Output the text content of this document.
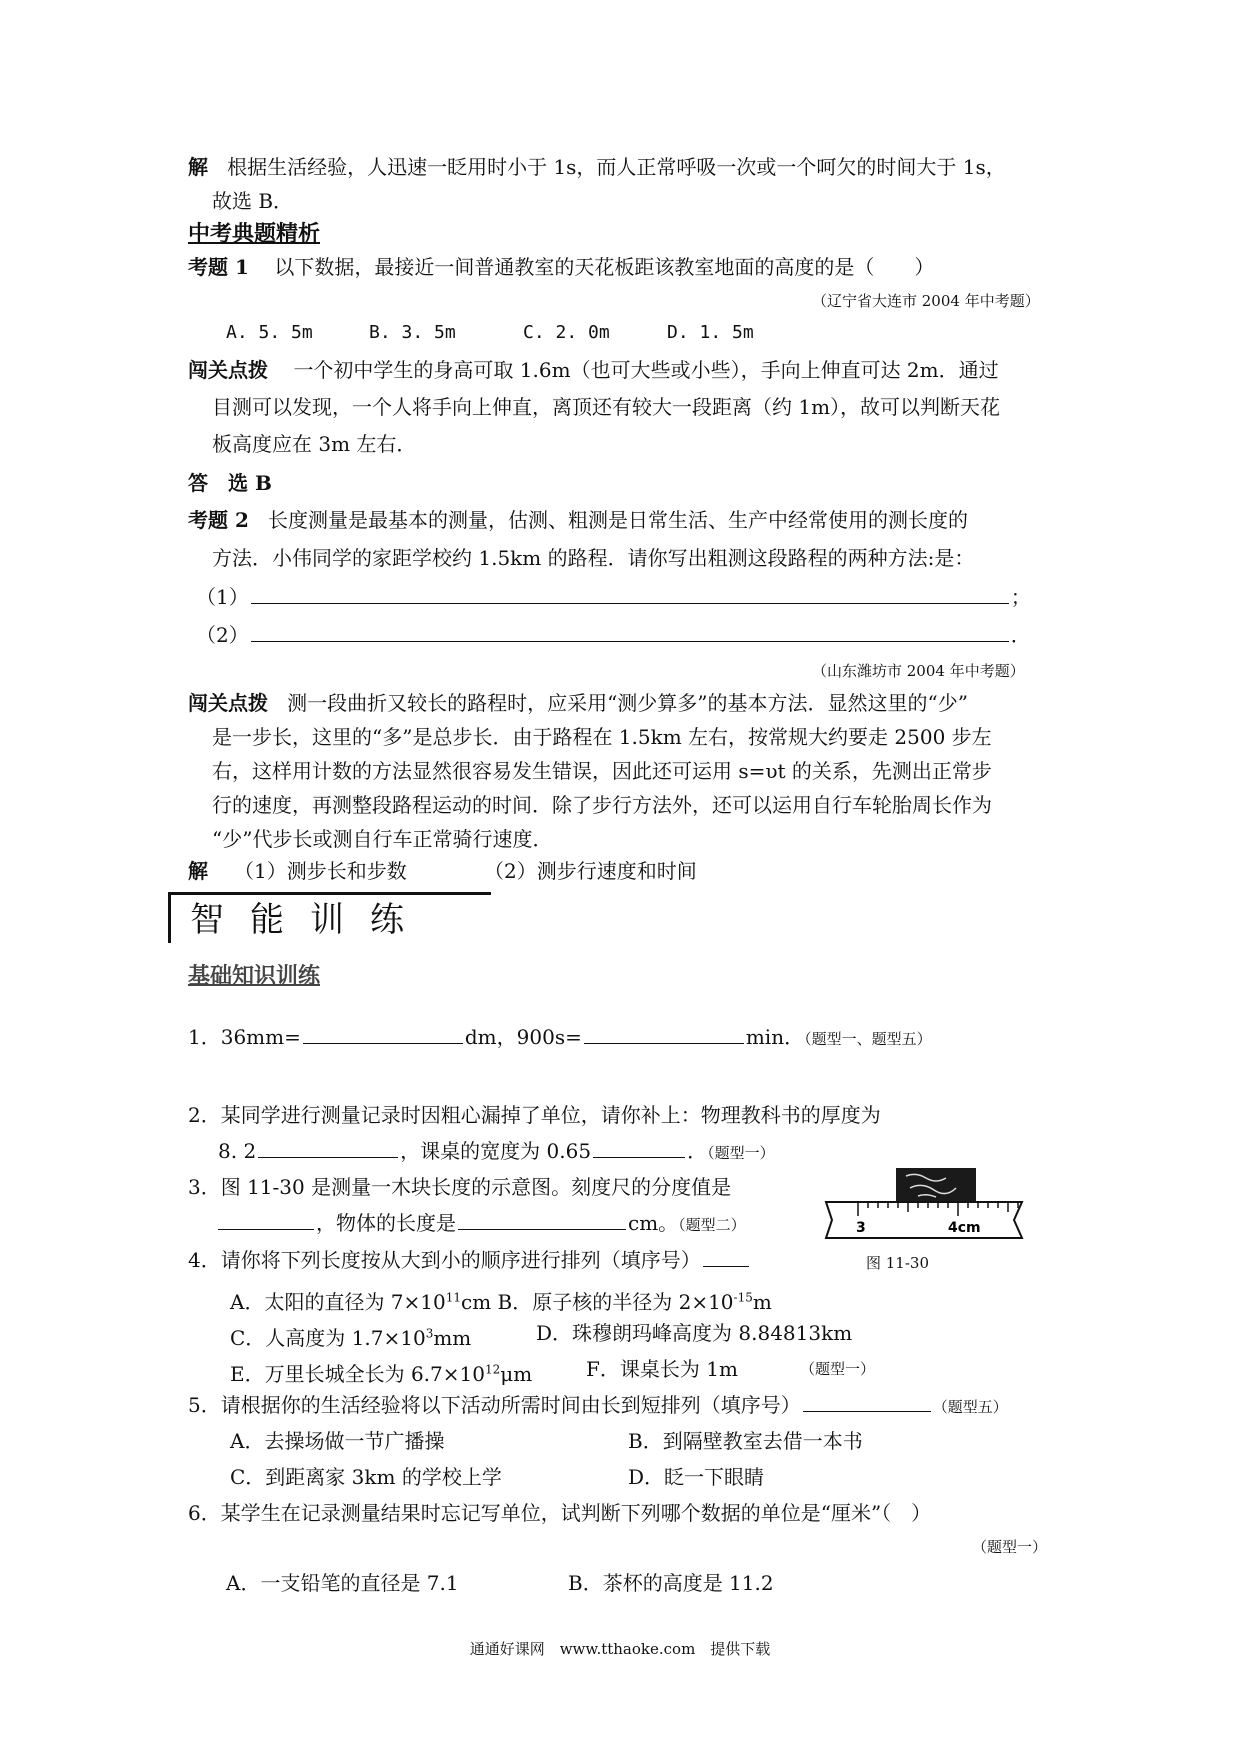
解 根据生活经验，人迅速一眨用时小于 1s，而人正常呼吸一次或一个呵欠的时间大于 1s，
故选 B．
中考典题精析
考题 1 以下数据，最接近一间普通教室的天花板距该教室地面的高度的是（　　）
（辽宁省大连市 2004 年中考题）
A. 5. 5m	B. 3. 5m	C. 2. 0m	D. 1. 5m
闯关点拨 一个初中学生的身高可取 1.6m（也可大些或小些），手向上伸直可达 2m．通过
目测可以发现，一个人将手向上伸直，离顶还有较大一段距离（约 1m），故可以判断天花
板高度应在 3m 左右．
答　选 B
考题 2 长度测量是最基本的测量，估测、粗测是日常生活、生产中经常使用的测长度的
方法．小伟同学的家距学校约 1.5km 的路程．请你写出粗测这段路程的两种方法:是：
（1）	；
（2）	．
（山东潍坊市 2004 年中考题）
闯关点拨 测一段曲折又较长的路程时，应采用“测少算多”的基本方法．显然这里的“少”
是一步长，这里的“多”是总步长．由于路程在 1.5km 左右，按常规大约要走 2500 步左
右，这样用计数的方法显然很容易发生错误，因此还可运用 s=υt 的关系，先测出正常步
行的速度，再测整段路程运动的时间．除了步行方法外，还可以运用自行车轮胎周长作为
“少”代步长或测自行车正常骑行速度．
解 （1）测步长和步数	（2）测步行速度和时间
智能训练
基础知识训练
1．36mm=	dm，900s=	min．（题型一、题型五）
2．某同学进行测量记录时因粗心漏掉了单位，请你补上：物理教科书的厚度为
8. 2	，课桌的宽度为 0.65	．（题型一）
3．图 11-30 是测量一木块长度的示意图。刻度尺的分度值是
，物体的长度是	cm。（题型二）	3	4cm
图 11-30
4．请你将下列长度按从大到小的顺序进行排列（填序号）
A．太阳的直径为 $7\times 10^{11}cm$ B．原子核的半径为 $2\times 10^{-15}m$
C．人高度为 $1.7\times 10^3mm$	D．珠穆朗玛峰高度为 8.84813km
E．万里长城全长为 $6.7\times 10^{12}\mu m$	F．课桌长为 1m	（题型一）
5．请根据你的生活经验将以下活动所需时间由长到短排列（填序号）	（题型五）
A．去操场做一节广播操	B．到隔壁教室去借一本书
C．到距离家 3km 的学校上学	D．眨一下眼睛
6．某学生在记录测量结果时忘记写单位，试判断下列哪个数据的单位是“厘米”（　）
（题型一）
A．一支铅笔的直径是 7.1	B．茶杯的高度是 11.2
通通好课网　www.tthaoke.com　提供下载
